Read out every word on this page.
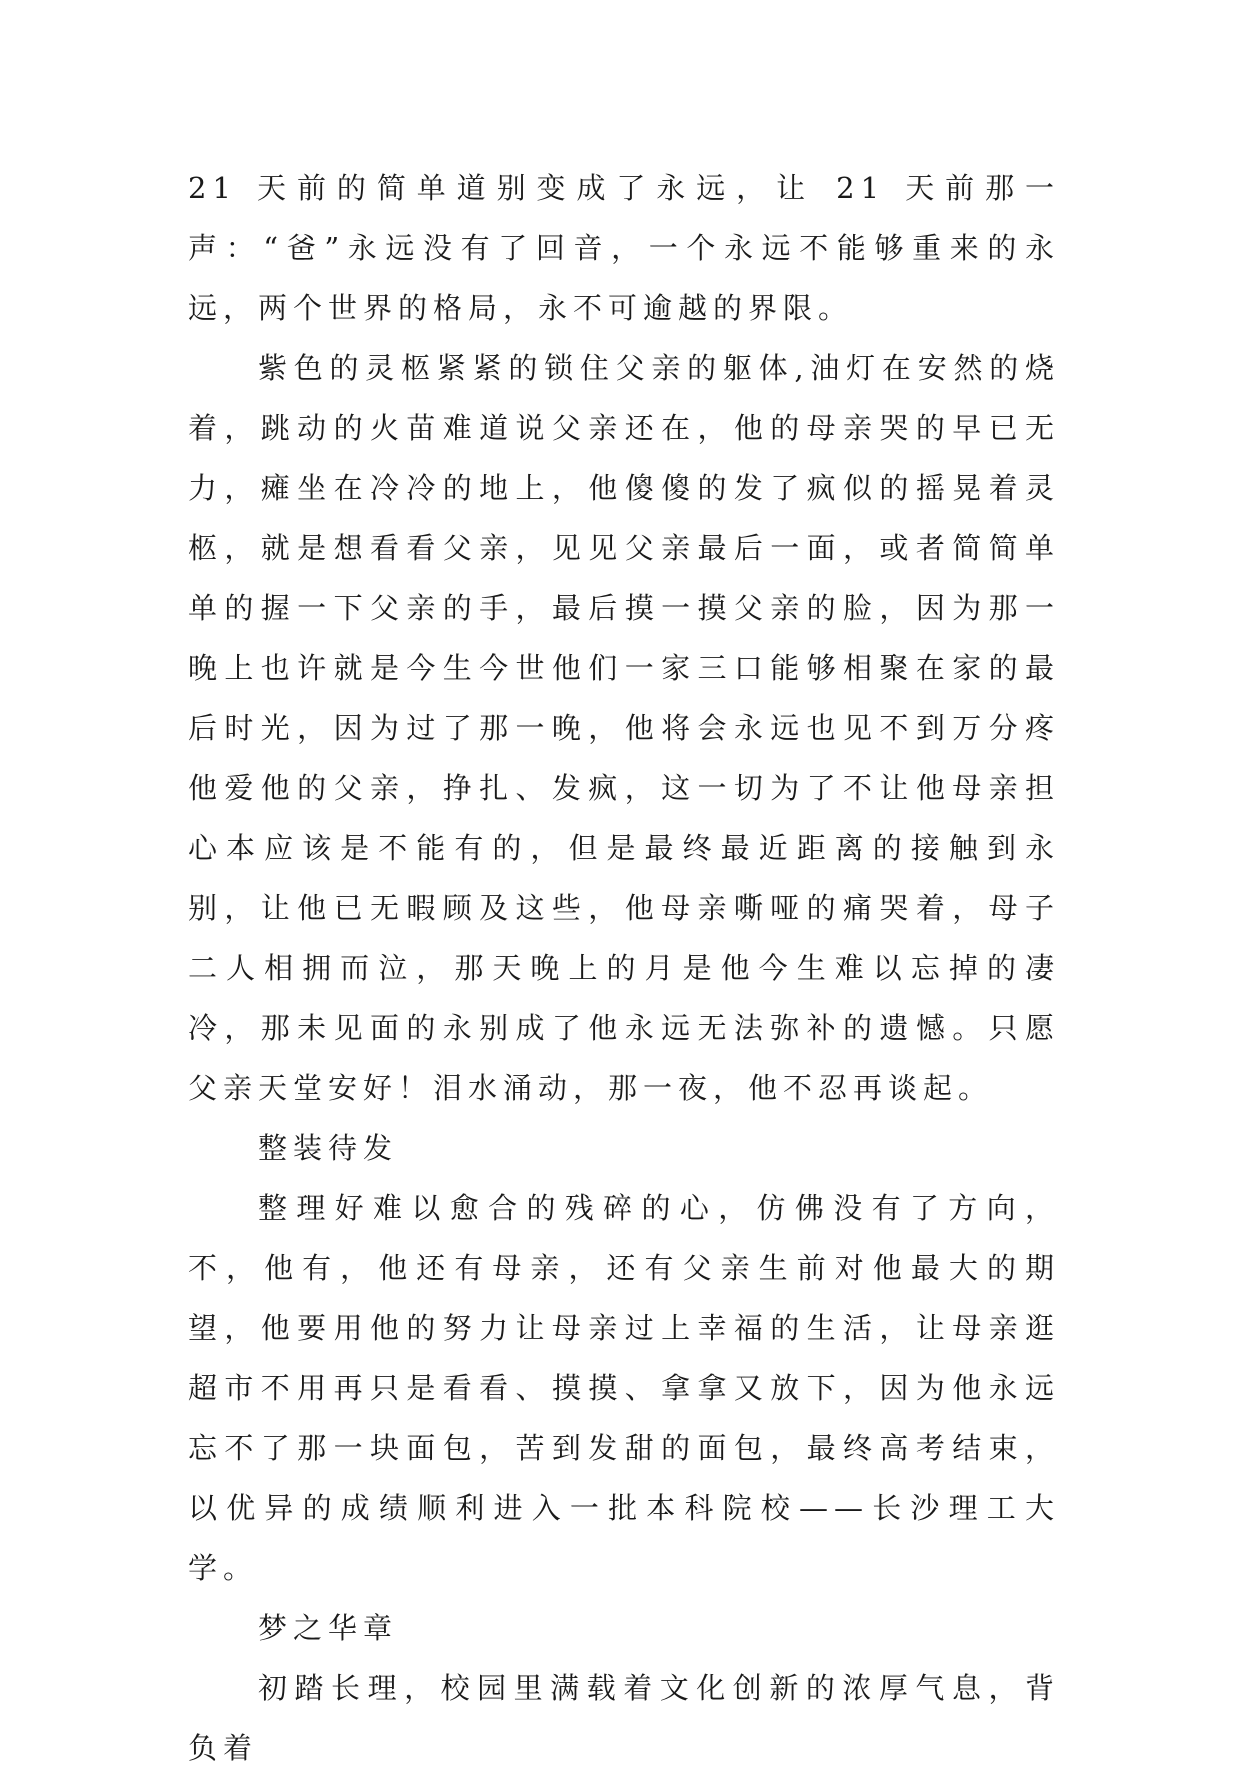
21 天前的简单道别变成了永远，让 21 天前那一声：“爸”永远没有了回音，一个永远不能够重来的永远，两个世界的格局，永不可逾越的界限。

紫色的灵柩紧紧的锁住父亲的躯体,油灯在安然的烧着，跳动的火苗难道说父亲还在，他的母亲哭的早已无力，瘫坐在冷冷的地上，他傻傻的发了疯似的摇晃着灵柩，就是想看看父亲，见见父亲最后一面，或者简简单单的握一下父亲的手，最后摸一摸父亲的脸，因为那一晚上也许就是今生今世他们一家三口能够相聚在家的最后时光，因为过了那一晚，他将会永远也见不到万分疼他爱他的父亲，挣扎、发疯，这一切为了不让他母亲担心本应该是不能有的，但是最终最近距离的接触到永别，让他已无暇顾及这些，他母亲嘶哑的痛哭着，母子二人相拥而泣，那天晚上的月是他今生难以忘掉的凄冷，那未见面的永别成了他永远无法弥补的遗憾。只愿父亲天堂安好！泪水涌动，那一夜，他不忍再谈起。

整装待发

整理好难以愈合的残碎的心，仿佛没有了方向，不，他有，他还有母亲，还有父亲生前对他最大的期望，他要用他的努力让母亲过上幸福的生活，让母亲逛超市不用再只是看看、摸摸、拿拿又放下，因为他永远忘不了那一块面包，苦到发甜的面包，最终高考结束，以优异的成绩顺利进入一批本科院校——长沙理工大学。

梦之华章

初踏长理，校园里满载着文化创新的浓厚气息，背负着
